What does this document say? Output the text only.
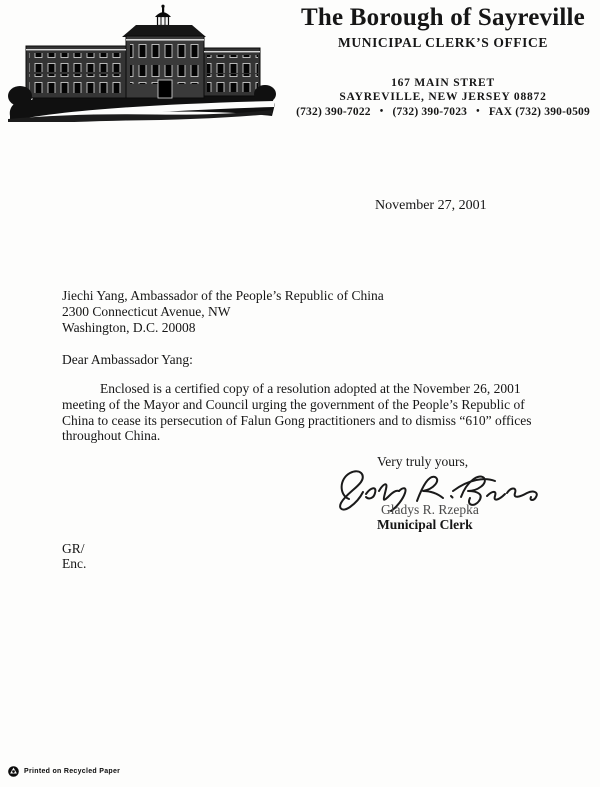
The Borough of Sayreville
MUNICIPAL CLERK’S OFFICE
167 MAIN STRET
SAYREVILLE, NEW JERSEY 08872
(732) 390-7022 • (732) 390-7023 • FAX (732) 390-0509
November 27, 2001
Jiechi Yang, Ambassador of the People’s Republic of China
2300 Connecticut Avenue, NW
Washington, D.C. 20008
Dear Ambassador Yang:

Enclosed is a certified copy of a resolution adopted at the November 26, 2001 meeting of the Mayor and Council urging the government of the People’s Republic of China to cease its persecution of Falun Gong practitioners and to dismiss “610” offices throughout China.

Very truly yours,
Gladys R. Rzepka
Municipal Clerk
GR/
Enc.
Printed on Recycled Paper
